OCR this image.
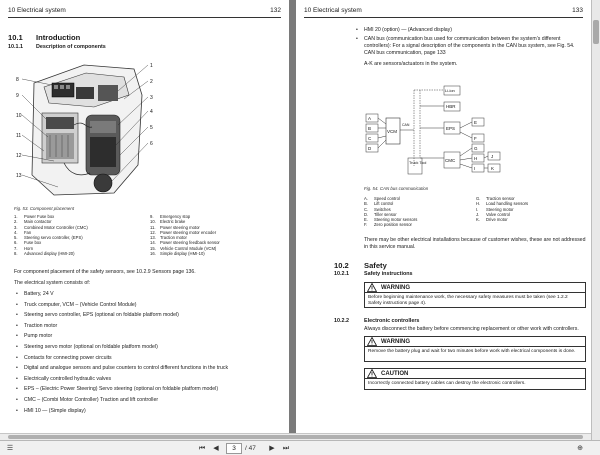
10 Electrical system	132
10.1 Introduction
10.1.1 Description of components
1
2
3
4
5
6
8
9
10
11
12
13
Fig. 53. Component placement
1.	Power Fuse box
2.	Main contactor
3.	Combined Motor Controller (CMC)
4.	Fan
5.	Steering servo controller, (EPS)
6.	Fuse box
7.	Horn
8.	Advanced display (HMI-20)
9.	Emergency stop
10. Electric brake
11.	Power steering motor
12. Power steering motor encoder
13. Traction motor
14. Power steering feedback sensor
15. Vehicle Control Module (VCM)
16. Simple display (HMI-10)
For component placement of the safety sensors, see 10.2.9 Sensors page 136.
The electrical system consists of:
• Battery, 24 V
• Truck computer, VCM – (Vehicle Control Module)
• Steering servo controller, EPS (optional on foldable platform model)
• Traction motor
• Pump motor
• Steering servo motor (optional on foldable platform model)
• Contacts for connecting power circuits
• Digital and analogue sensors and pulse counters to control different functions in the truck
• Electrically controlled hydraulic valves
• EPS – (Electric Power Steering) Servo steering (optional on foldable platform model)
• CMC – (Combi Motor Controller) Traction and lift controller
• HMI 10 — (Simple display)
10 Electrical system	133
• HMI 20 (option) — (Advanced display)
• CAN bus (communication bus used for communication between the system’s different controllers): For a signal description of the components in the CAN bus system, see Fig. 54. CAN bus communication, page 133
A-K are sensors/actuators in the system.
A
B
C
D
VCM
CAN
Li-ion
HBR
EPS
CMC
Truck Tool
E
F
G
H
I
J
K
Fig. 54. CAN bus communication
A.	Speed control
B.	Lift control
C.	Switches
D.	Tiller sensor
E.	Steering motor sensors
F.	Zero position sensor
G.	Traction sensor
H.	Load handling sensors
I.	Steering motor
J.	Valve control
K.	Drive motor
There may be other electrical installations because of customer wishes, these are not addressed in this service manual.
10.2 Safety
10.2.1	Safety instructions
WARNING
Before beginning maintenance work, the necessary safety measures must be taken (see 1.2.2 Safety instructions page 4).
10.2.2	Electronic controllers
Always disconnect the battery before commencing replacement or other work with controllers.
WARNING
Remove the battery plug and wait for two minutes before work with electrical components is done.
CAUTION
Incorrectly connected battery cables can destroy the electronic controllers.
☰	⏮	◀	3	/ 47	▶	⏭	⊕
